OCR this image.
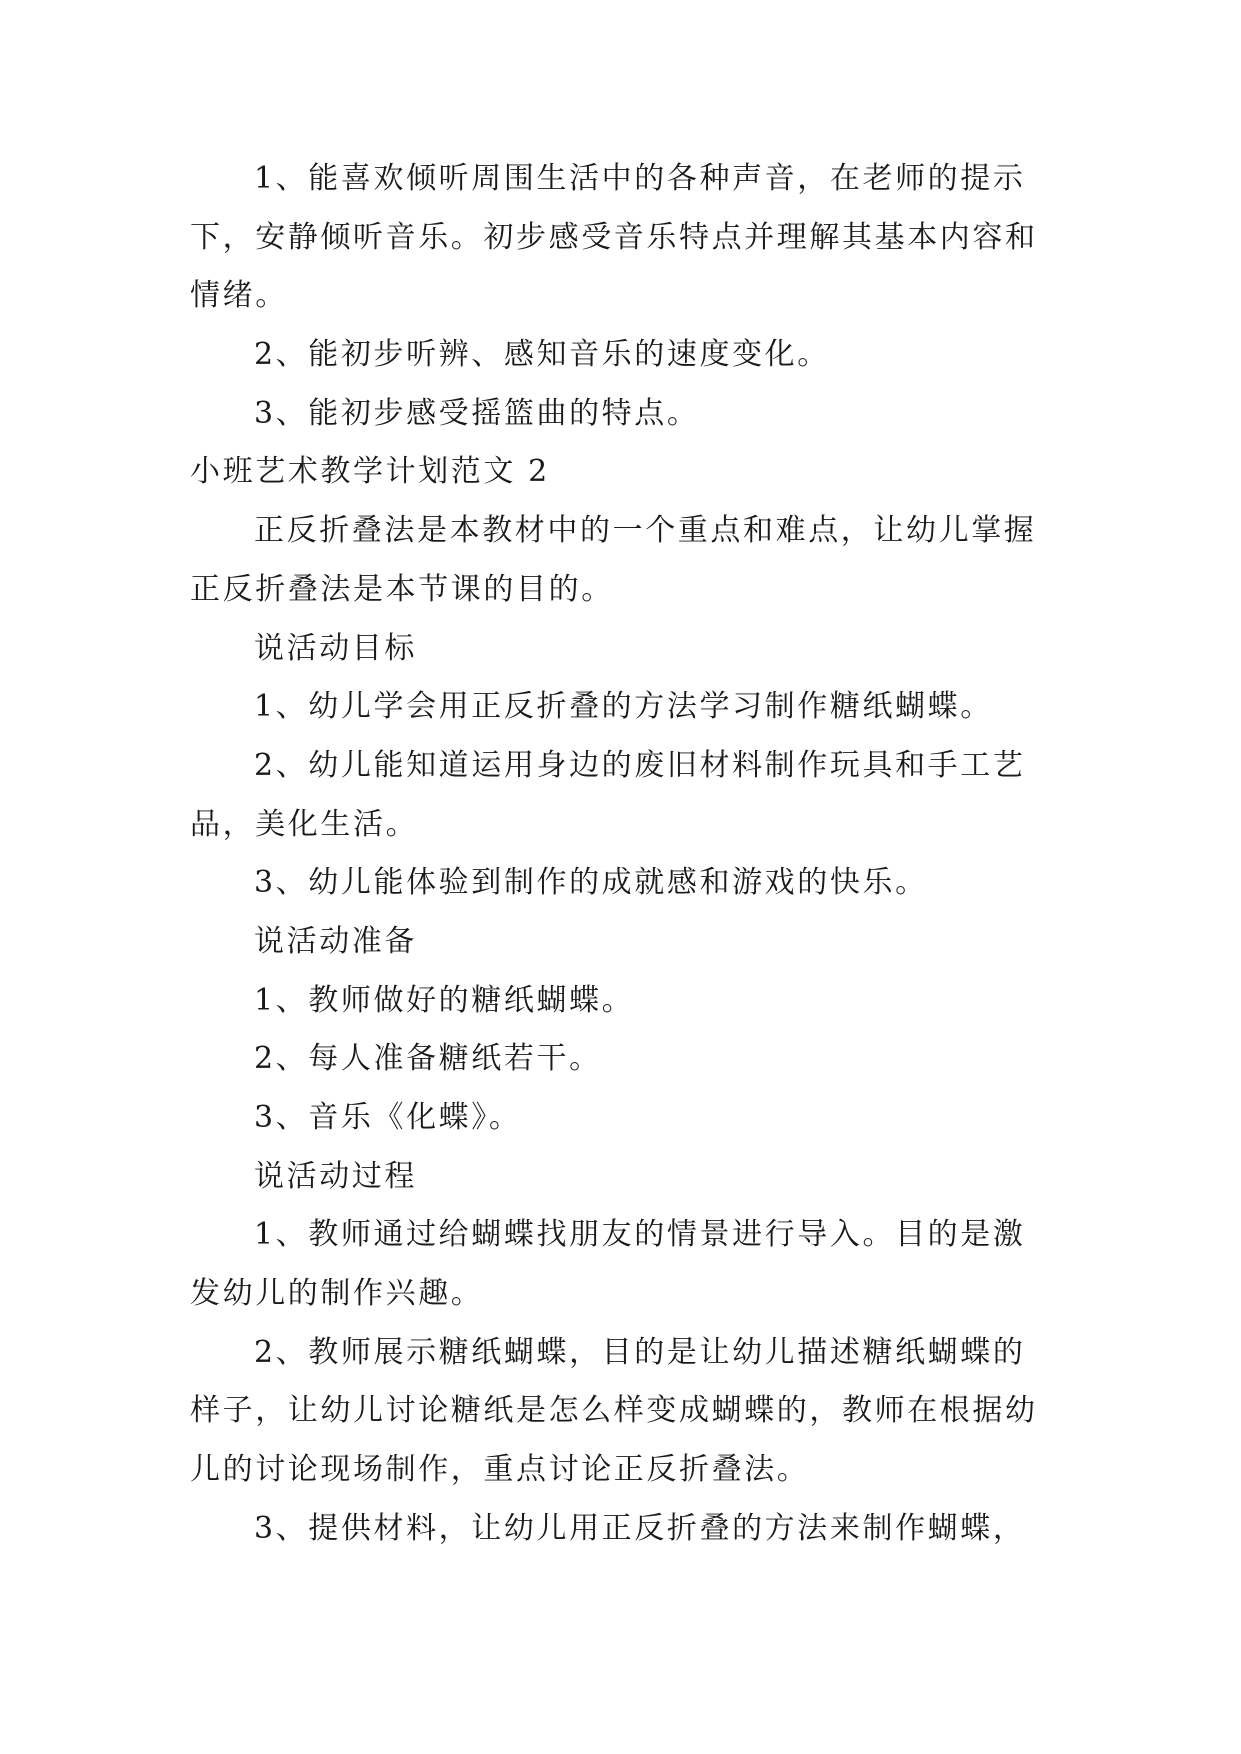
1、能喜欢倾听周围生活中的各种声音，在老师的提示
下，安静倾听音乐。初步感受音乐特点并理解其基本内容和
情绪。
2、能初步听辨、感知音乐的速度变化。
3、能初步感受摇篮曲的特点。
小班艺术教学计划范文 2
正反折叠法是本教材中的一个重点和难点，让幼儿掌握
正反折叠法是本节课的目的。
说活动目标
1、幼儿学会用正反折叠的方法学习制作糖纸蝴蝶。
2、幼儿能知道运用身边的废旧材料制作玩具和手工艺
品，美化生活。
3、幼儿能体验到制作的成就感和游戏的快乐。
说活动准备
1、教师做好的糖纸蝴蝶。
2、每人准备糖纸若干。
3、音乐《化蝶》。
说活动过程
1、教师通过给蝴蝶找朋友的情景进行导入。目的是激
发幼儿的制作兴趣。
2、教师展示糖纸蝴蝶，目的是让幼儿描述糖纸蝴蝶的
样子，让幼儿讨论糖纸是怎么样变成蝴蝶的，教师在根据幼
儿的讨论现场制作，重点讨论正反折叠法。
3、提供材料，让幼儿用正反折叠的方法来制作蝴蝶，
